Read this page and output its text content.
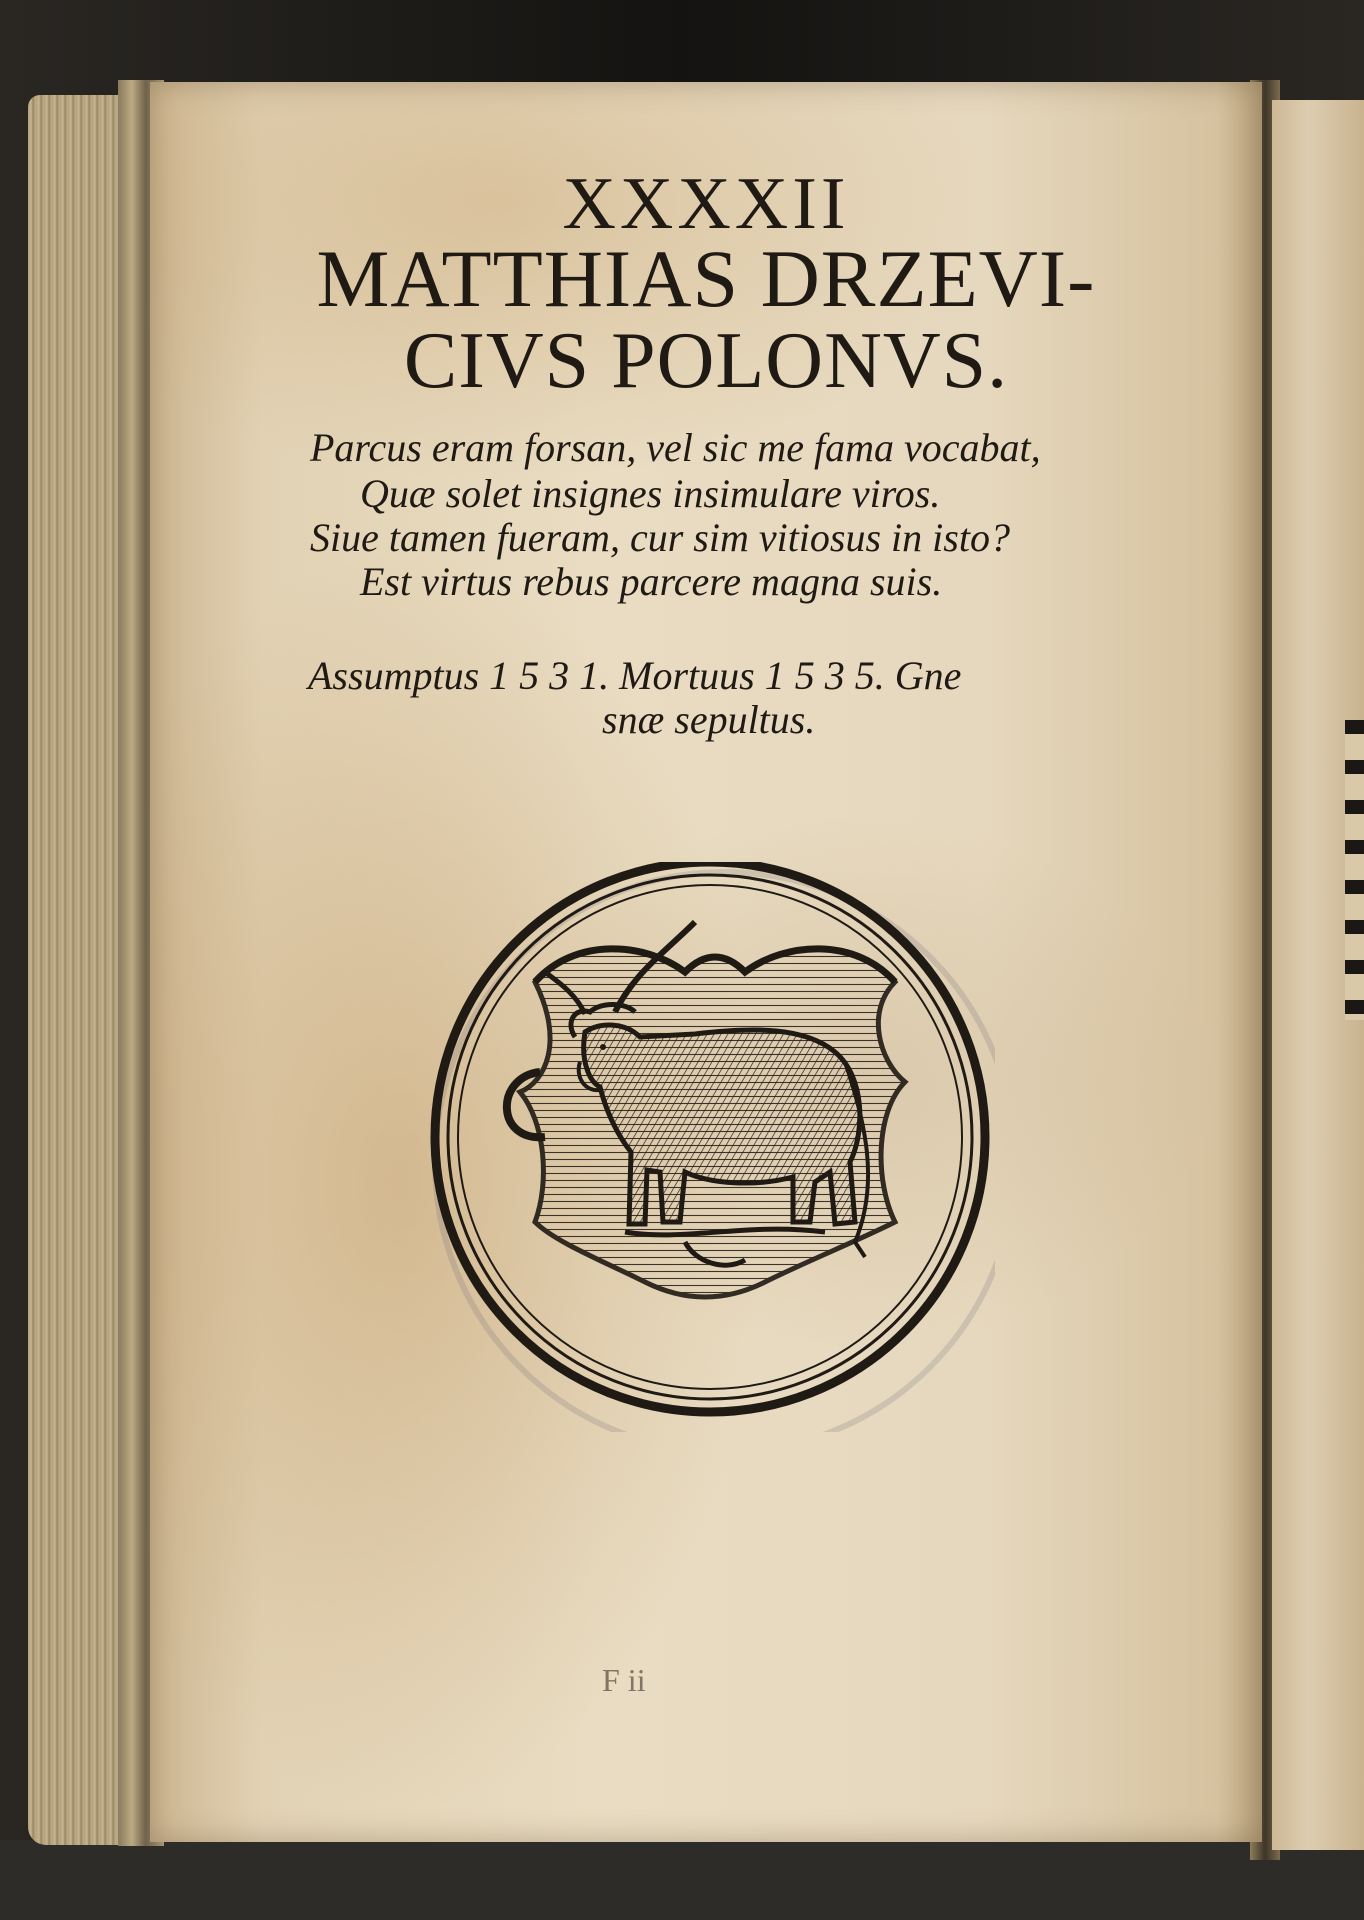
XXXXII
MATTHIAS DRZEVI-
CIVS POLONVS.
Parcus eram forsan, vel sic me fama vocabat,
Quæ solet insignes insimulare viros.
Siue tamen fueram, cur sim vitiosus in isto?
Est virtus rebus parcere magna suis.
Assumptus 1 5 3 1. Mortuus 1 5 3 5. Gne
snæ sepultus.
F ii
